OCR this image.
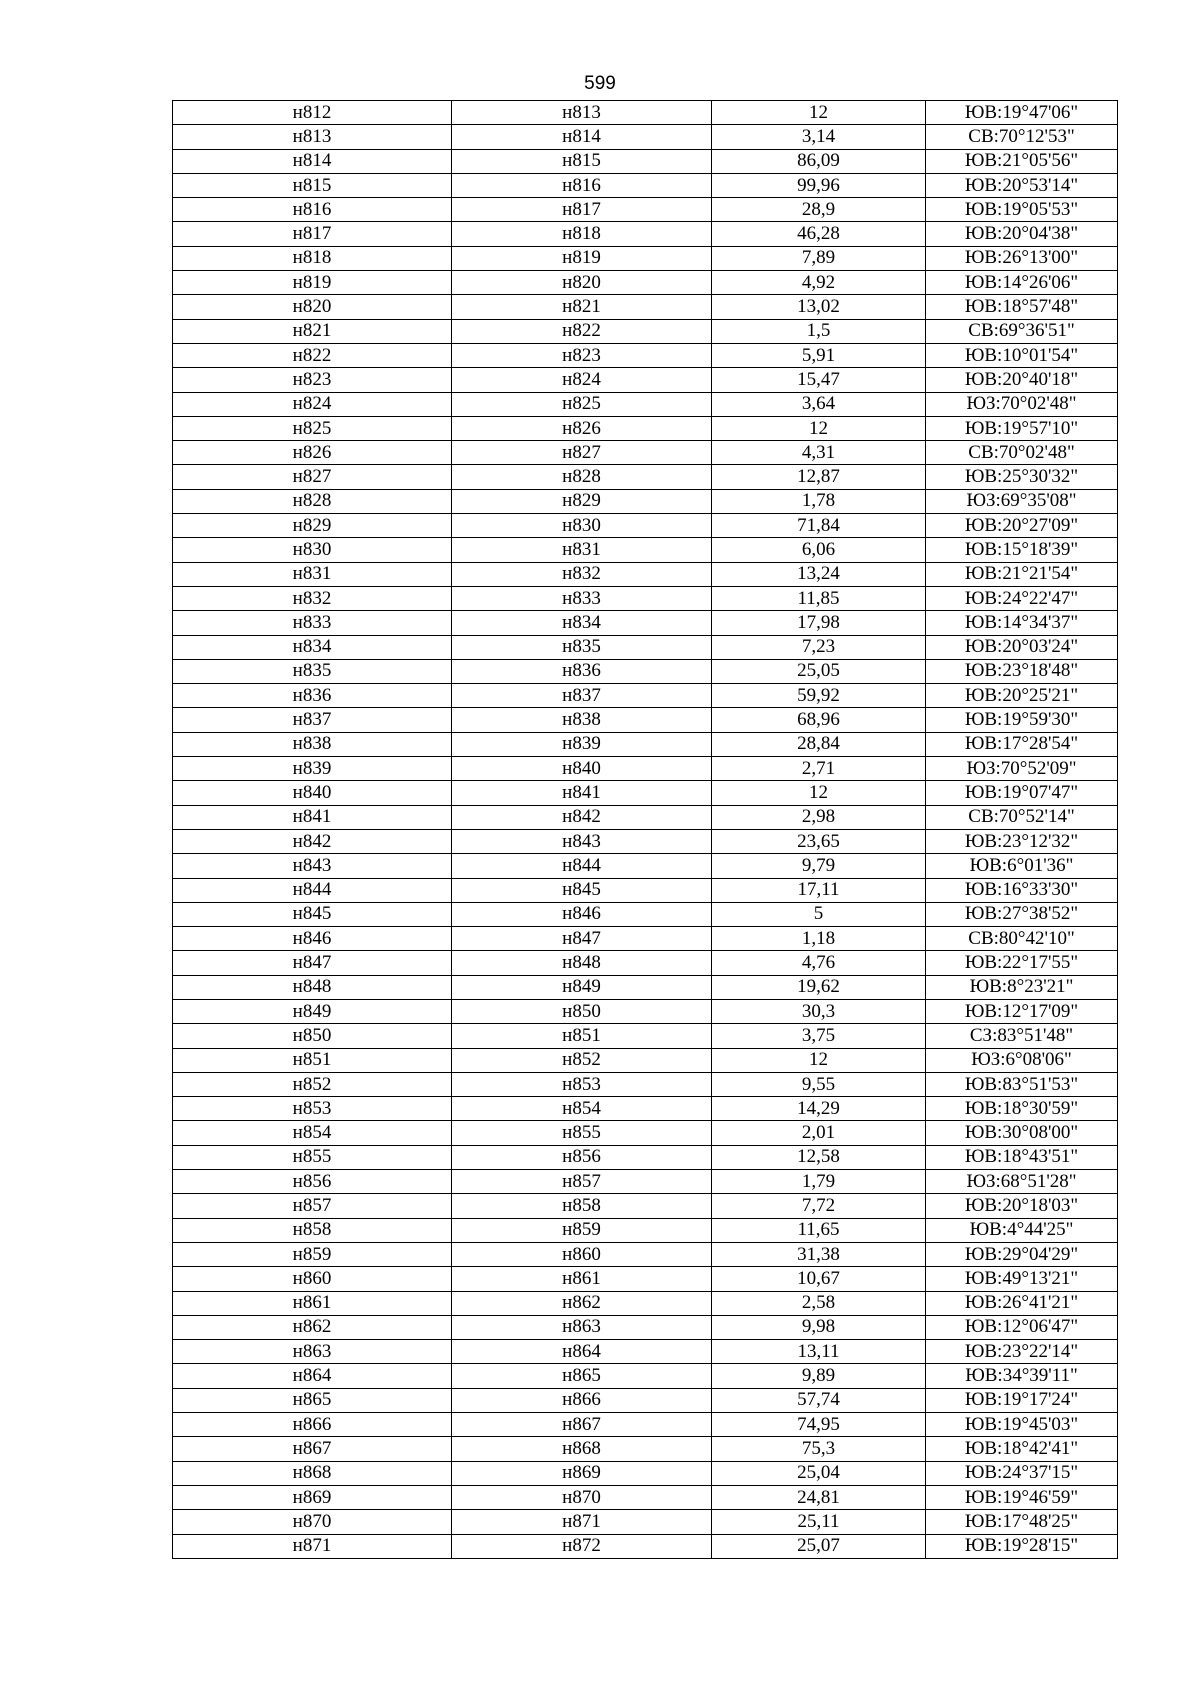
599
н812	н813	12	ЮВ:19°47'06"
н813	н814	3,14	СВ:70°12'53"
н814	н815	86,09	ЮВ:21°05'56"
н815	н816	99,96	ЮВ:20°53'14"
н816	н817	28,9	ЮВ:19°05'53"
н817	н818	46,28	ЮВ:20°04'38"
н818	н819	7,89	ЮВ:26°13'00"
н819	н820	4,92	ЮВ:14°26'06"
н820	н821	13,02	ЮВ:18°57'48"
н821	н822	1,5	СВ:69°36'51"
н822	н823	5,91	ЮВ:10°01'54"
н823	н824	15,47	ЮВ:20°40'18"
н824	н825	3,64	ЮЗ:70°02'48"
н825	н826	12	ЮВ:19°57'10"
н826	н827	4,31	СВ:70°02'48"
н827	н828	12,87	ЮВ:25°30'32"
н828	н829	1,78	ЮЗ:69°35'08"
н829	н830	71,84	ЮВ:20°27'09"
н830	н831	6,06	ЮВ:15°18'39"
н831	н832	13,24	ЮВ:21°21'54"
н832	н833	11,85	ЮВ:24°22'47"
н833	н834	17,98	ЮВ:14°34'37"
н834	н835	7,23	ЮВ:20°03'24"
н835	н836	25,05	ЮВ:23°18'48"
н836	н837	59,92	ЮВ:20°25'21"
н837	н838	68,96	ЮВ:19°59'30"
н838	н839	28,84	ЮВ:17°28'54"
н839	н840	2,71	ЮЗ:70°52'09"
н840	н841	12	ЮВ:19°07'47"
н841	н842	2,98	СВ:70°52'14"
н842	н843	23,65	ЮВ:23°12'32"
н843	н844	9,79	ЮВ:6°01'36"
н844	н845	17,11	ЮВ:16°33'30"
н845	н846	5	ЮВ:27°38'52"
н846	н847	1,18	СВ:80°42'10"
н847	н848	4,76	ЮВ:22°17'55"
н848	н849	19,62	ЮВ:8°23'21"
н849	н850	30,3	ЮВ:12°17'09"
н850	н851	3,75	СЗ:83°51'48"
н851	н852	12	ЮЗ:6°08'06"
н852	н853	9,55	ЮВ:83°51'53"
н853	н854	14,29	ЮВ:18°30'59"
н854	н855	2,01	ЮВ:30°08'00"
н855	н856	12,58	ЮВ:18°43'51"
н856	н857	1,79	ЮЗ:68°51'28"
н857	н858	7,72	ЮВ:20°18'03"
н858	н859	11,65	ЮВ:4°44'25"
н859	н860	31,38	ЮВ:29°04'29"
н860	н861	10,67	ЮВ:49°13'21"
н861	н862	2,58	ЮВ:26°41'21"
н862	н863	9,98	ЮВ:12°06'47"
н863	н864	13,11	ЮВ:23°22'14"
н864	н865	9,89	ЮВ:34°39'11"
н865	н866	57,74	ЮВ:19°17'24"
н866	н867	74,95	ЮВ:19°45'03"
н867	н868	75,3	ЮВ:18°42'41"
н868	н869	25,04	ЮВ:24°37'15"
н869	н870	24,81	ЮВ:19°46'59"
н870	н871	25,11	ЮВ:17°48'25"
н871	н872	25,07	ЮВ:19°28'15"
